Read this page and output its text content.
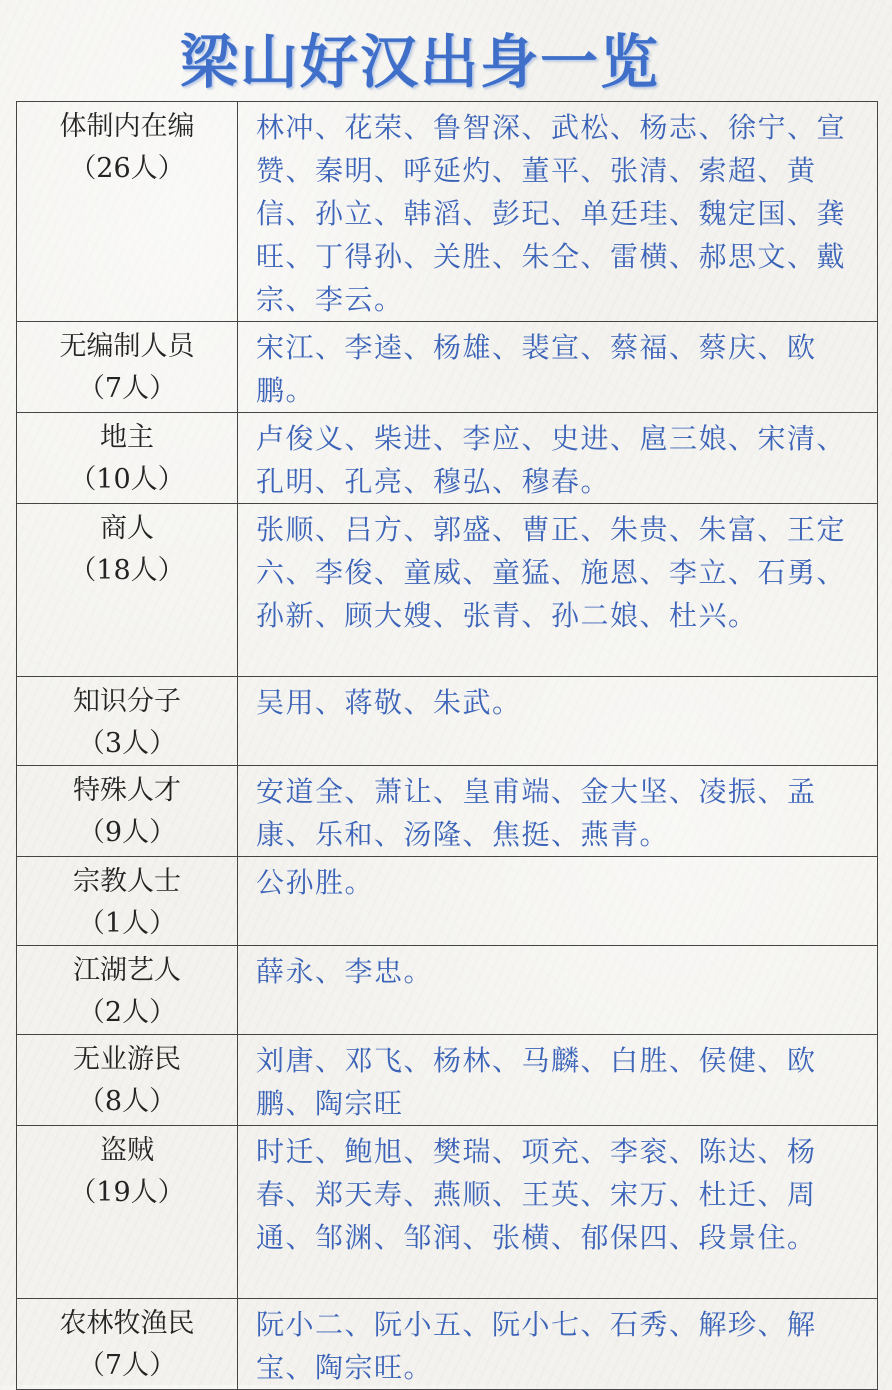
梁山好汉出身一览
体制内在编
（26人）	林冲、花荣、鲁智深、武松、杨志、徐宁、宣赞、秦明、呼延灼、董平、张清、索超、黄信、孙立、韩滔、彭玘、单廷珪、魏定国、龚旺、丁得孙、关胜、朱仝、雷横、郝思文、戴宗、李云。

无编制人员
（7人）	宋江、李逵、杨雄、裴宣、蔡福、蔡庆、欧鹏。

地主
（10人）	卢俊义、柴进、李应、史进、扈三娘、宋清、孔明、孔亮、穆弘、穆春。

商人
（18人）	张顺、吕方、郭盛、曹正、朱贵、朱富、王定六、李俊、童威、童猛、施恩、李立、石勇、孙新、顾大嫂、张青、孙二娘、杜兴。

知识分子
（3人）	吴用、蒋敬、朱武。

特殊人才
（9人）	安道全、萧让、皇甫端、金大坚、凌振、孟康、乐和、汤隆、焦挺、燕青。

宗教人士
（1人）	公孙胜。

江湖艺人
（2人）	薛永、李忠。

无业游民
（8人）	刘唐、邓飞、杨林、马麟、白胜、侯健、欧鹏、陶宗旺

盗贼
（19人）	时迁、鲍旭、樊瑞、项充、李衮、陈达、杨春、郑天寿、燕顺、王英、宋万、杜迁、周通、邹渊、邹润、张横、郁保四、段景住。

农林牧渔民
（7人）	阮小二、阮小五、阮小七、石秀、解珍、解宝、陶宗旺。
